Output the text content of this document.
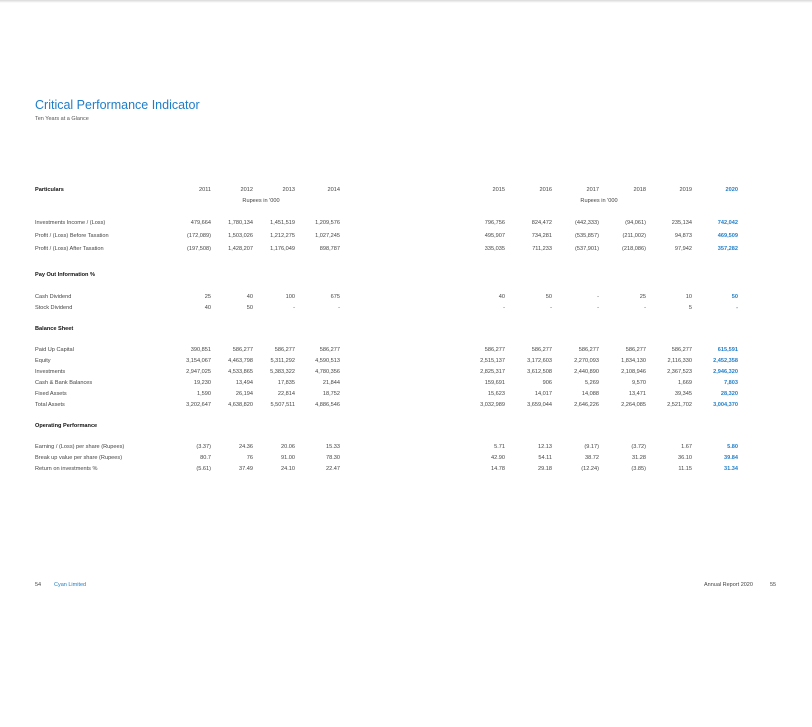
Critical Performance Indicator
Ten Years at a Glance
Particulars	2011	2012	2013	2014	2015	2016	2017	2018	2019	2020
Rupees in '000	Rupees in '000
Investments Income / (Loss)	479,664	1,780,134	1,451,519	1,209,576	796,756	824,472	(442,333)	(94,061)	235,134	742,042
Profit / (Loss) Before Taxation	(172,089)	1,503,026	1,212,275	1,027,245	495,907	734,281	(535,857)	(211,002)	94,873	469,509
Profit / (Loss) After Taxation	(197,508)	1,428,207	1,176,049	898,787	335,035	711,233	(537,901)	(218,086)	97,942	357,282
Pay Out Information %
Cash Dividend	25	40	100	675	40	50	-	25	10	50
Stock Dividend	40	50	-	-	-	-	-	-	5	-
Balance Sheet
Paid Up Capital	390,851	586,277	586,277	586,277	586,277	586,277	586,277	586,277	586,277	615,591
Equity	3,154,067	4,463,798	5,311,292	4,590,513	2,515,137	3,172,603	2,270,093	1,834,130	2,116,330	2,452,358
Investments	2,947,025	4,533,865	5,383,322	4,780,356	2,825,317	3,612,508	2,440,890	2,108,946	2,367,523	2,946,320
Cash & Bank Balances	19,230	13,494	17,835	21,844	159,691	906	5,269	9,570	1,669	7,803
Fixed Assets	1,590	26,194	22,814	18,752	15,623	14,017	14,088	13,471	39,345	28,320
Total Assets	3,202,647	4,638,820	5,507,511	4,886,546	3,032,989	3,659,044	2,646,226	2,264,085	2,521,702	3,004,370
Operating Performance
Earning / (Loss) per share (Rupees)	(3.37)	24.36	20.06	15.33	5.71	12.13	(9.17)	(3.72)	1.67	5.80
Break up value per share (Rupees)	80.7	76	91.00	78.30	42.90	54.11	38.72	31.28	36.10	39.84
Return on investments %	(5.61)	37.49	24.10	22.47	14.78	29.18	(12.24)	(3.85)	11.15	31.34
54 Cyan Limited	Annual Report 2020	55
